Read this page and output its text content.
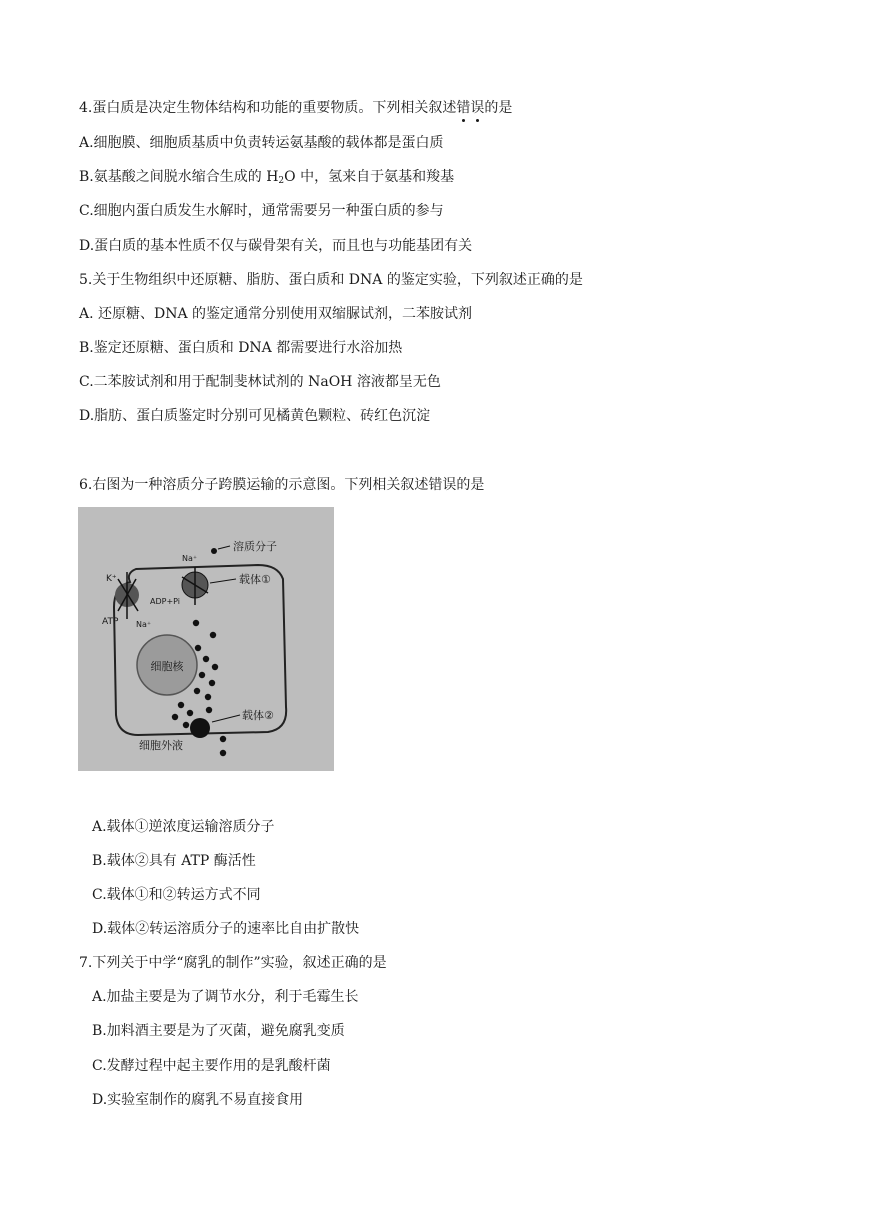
4.蛋白质是决定生物体结构和功能的重要物质。下列相关叙述错误的是
A.细胞膜、细胞质基质中负责转运氨基酸的载体都是蛋白质
B.氨基酸之间脱水缩合生成的 $H_2O$ 中，氢来自于氨基和羧基
C.细胞内蛋白质发生水解时，通常需要另一种蛋白质的参与
D.蛋白质的基本性质不仅与碳骨架有关，而且也与功能基团有关
5.关于生物组织中还原糖、脂肪、蛋白质和 DNA 的鉴定实验，下列叙述正确的是
A. 还原糖、DNA 的鉴定通常分别使用双缩脲试剂，二苯胺试剂
B.鉴定还原糖、蛋白质和 DNA 都需要进行水浴加热
C.二苯胺试剂和用于配制斐林试剂的 NaOH 溶液都呈无色
D.脂肪、蛋白质鉴定时分别可见橘黄色颗粒、砖红色沉淀
6.右图为一种溶质分子跨膜运输的示意图。下列相关叙述错误的是
细胞核
K⁺
ATP Na⁺
ADP+Pi
Na⁺
溶质分子
载体①
载体②
细胞外液
A.载体①逆浓度运输溶质分子
B.载体②具有 ATP 酶活性
C.载体①和②转运方式不同
D.载体②转运溶质分子的速率比自由扩散快
7.下列关于中学“腐乳的制作”实验，叙述正确的是
A.加盐主要是为了调节水分，利于毛霉生长
B.加料酒主要是为了灭菌，避免腐乳变质
C.发酵过程中起主要作用的是乳酸杆菌
D.实验室制作的腐乳不易直接食用
